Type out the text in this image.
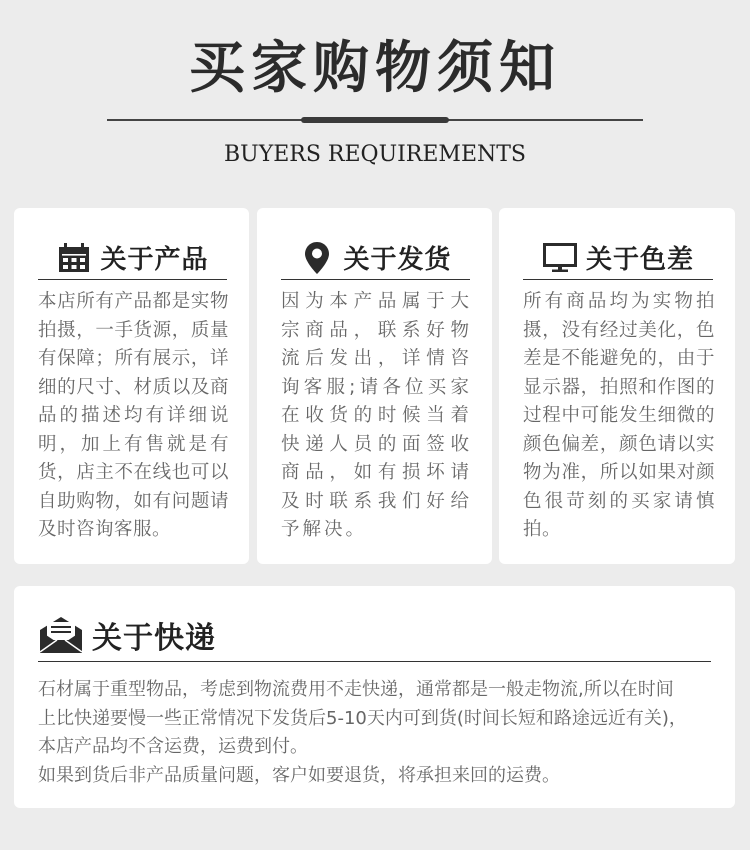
买家购物须知
BUYERS REQUIREMENTS
关于产品
本店所有产品都是实物拍摄，一手货源，质量有保障；所有展示，详细的尺寸、材质以及商品的描述均有详细说明，加上有售就是有货，店主不在线也可以自助购物，如有问题请及时咨询客服。
关于发货
因为本产品属于大宗商品，联系好物流后发出，详情咨询客服;请各位买家在收货的时候当着快递人员的面签收商品，如有损坏请及时联系我们好给予解决。
关于色差
所有商品均为实物拍摄，没有经过美化，色差是不能避免的，由于显示器，拍照和作图的过程中可能发生细微的颜色偏差，颜色请以实物为准，所以如果对颜色很苛刻的买家请慎拍。
关于快递
石材属于重型物品，考虑到物流费用不走快递，通常都是一般走物流,所以在时间
上比快递要慢一些正常情况下发货后5-10天内可到货(时间长短和路途远近有关)，
本店产品均不含运费，运费到付。
如果到货后非产品质量问题，客户如要退货，将承担来回的运费。
